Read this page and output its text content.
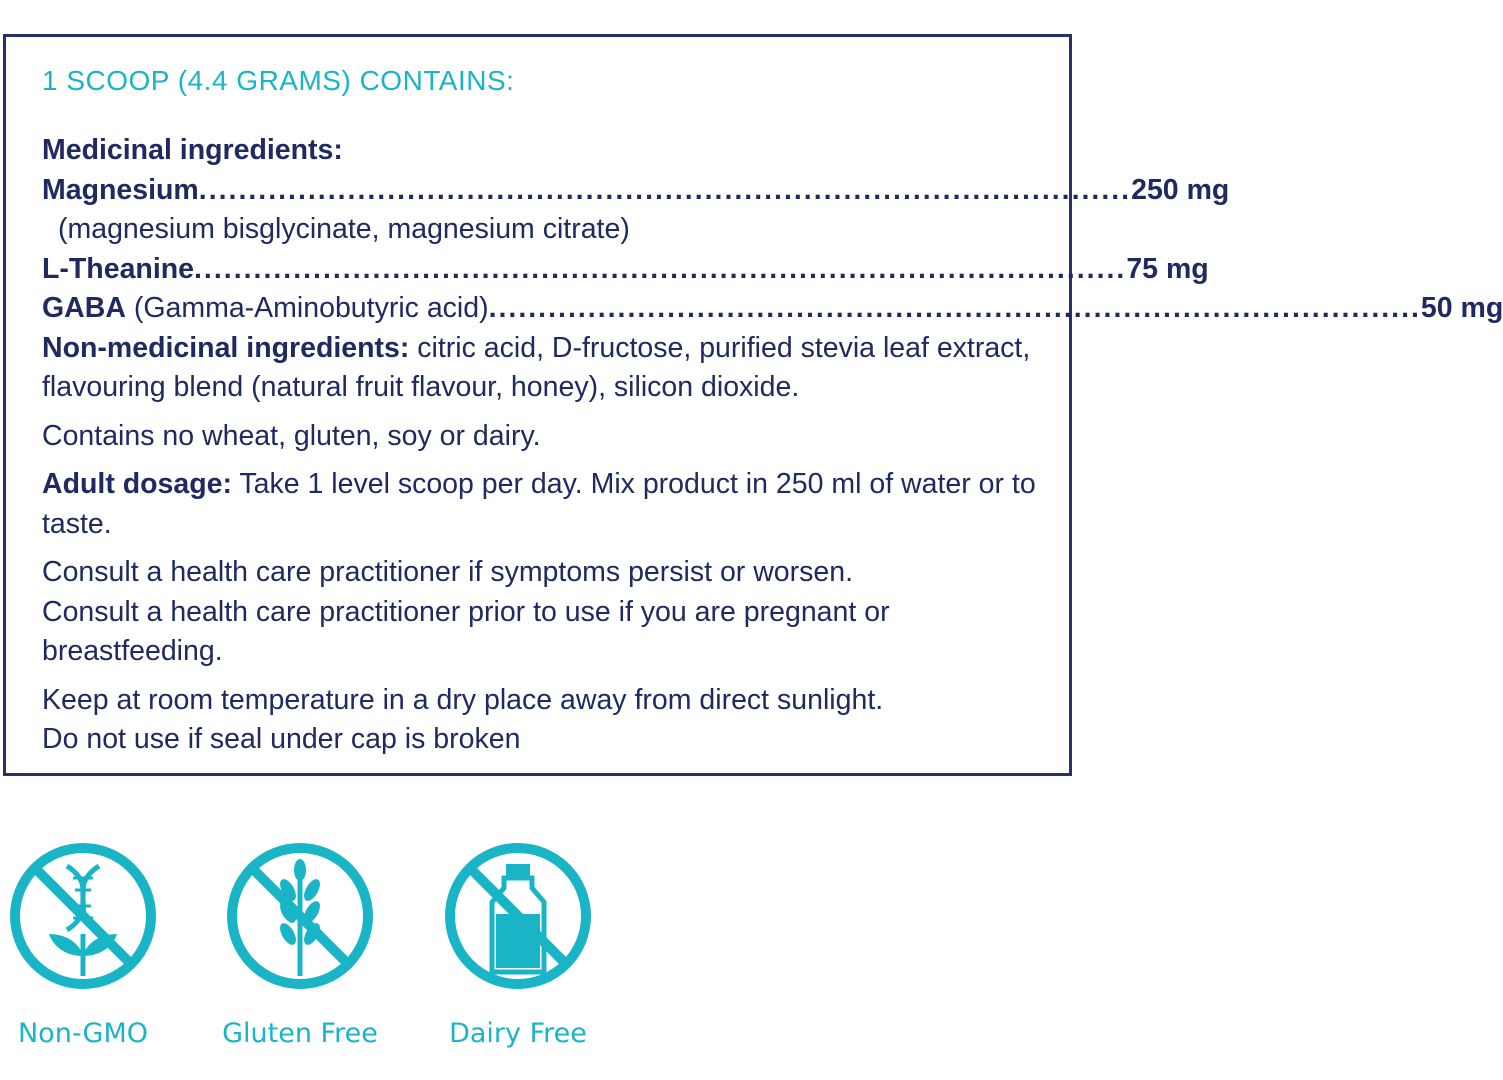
1 SCOOP (4.4 GRAMS) CONTAINS:

Medicinal ingredients:

Magnesium .............................................................................................. 250 mg

(magnesium bisglycinate, magnesium citrate)

L-Theanine .............................................................................................. 75 mg
GABA (Gamma-Aminobutyric acid) .............................................................................................. 50 mg

Non-medicinal ingredients: citric acid, D-fructose, purified stevia leaf extract, flavouring blend (natural fruit flavour, honey), silicon dioxide.

Contains no wheat, gluten, soy or dairy.

Adult dosage: Take 1 level scoop per day. Mix product in 250 ml of water or to taste.

Consult a health care practitioner if symptoms persist or worsen.

Consult a health care practitioner prior to use if you are pregnant or breastfeeding.

Keep at room temperature in a dry place away from direct sunlight.

Do not use if seal under cap is broken

Non-GMO	Gluten Free	Dairy Free
